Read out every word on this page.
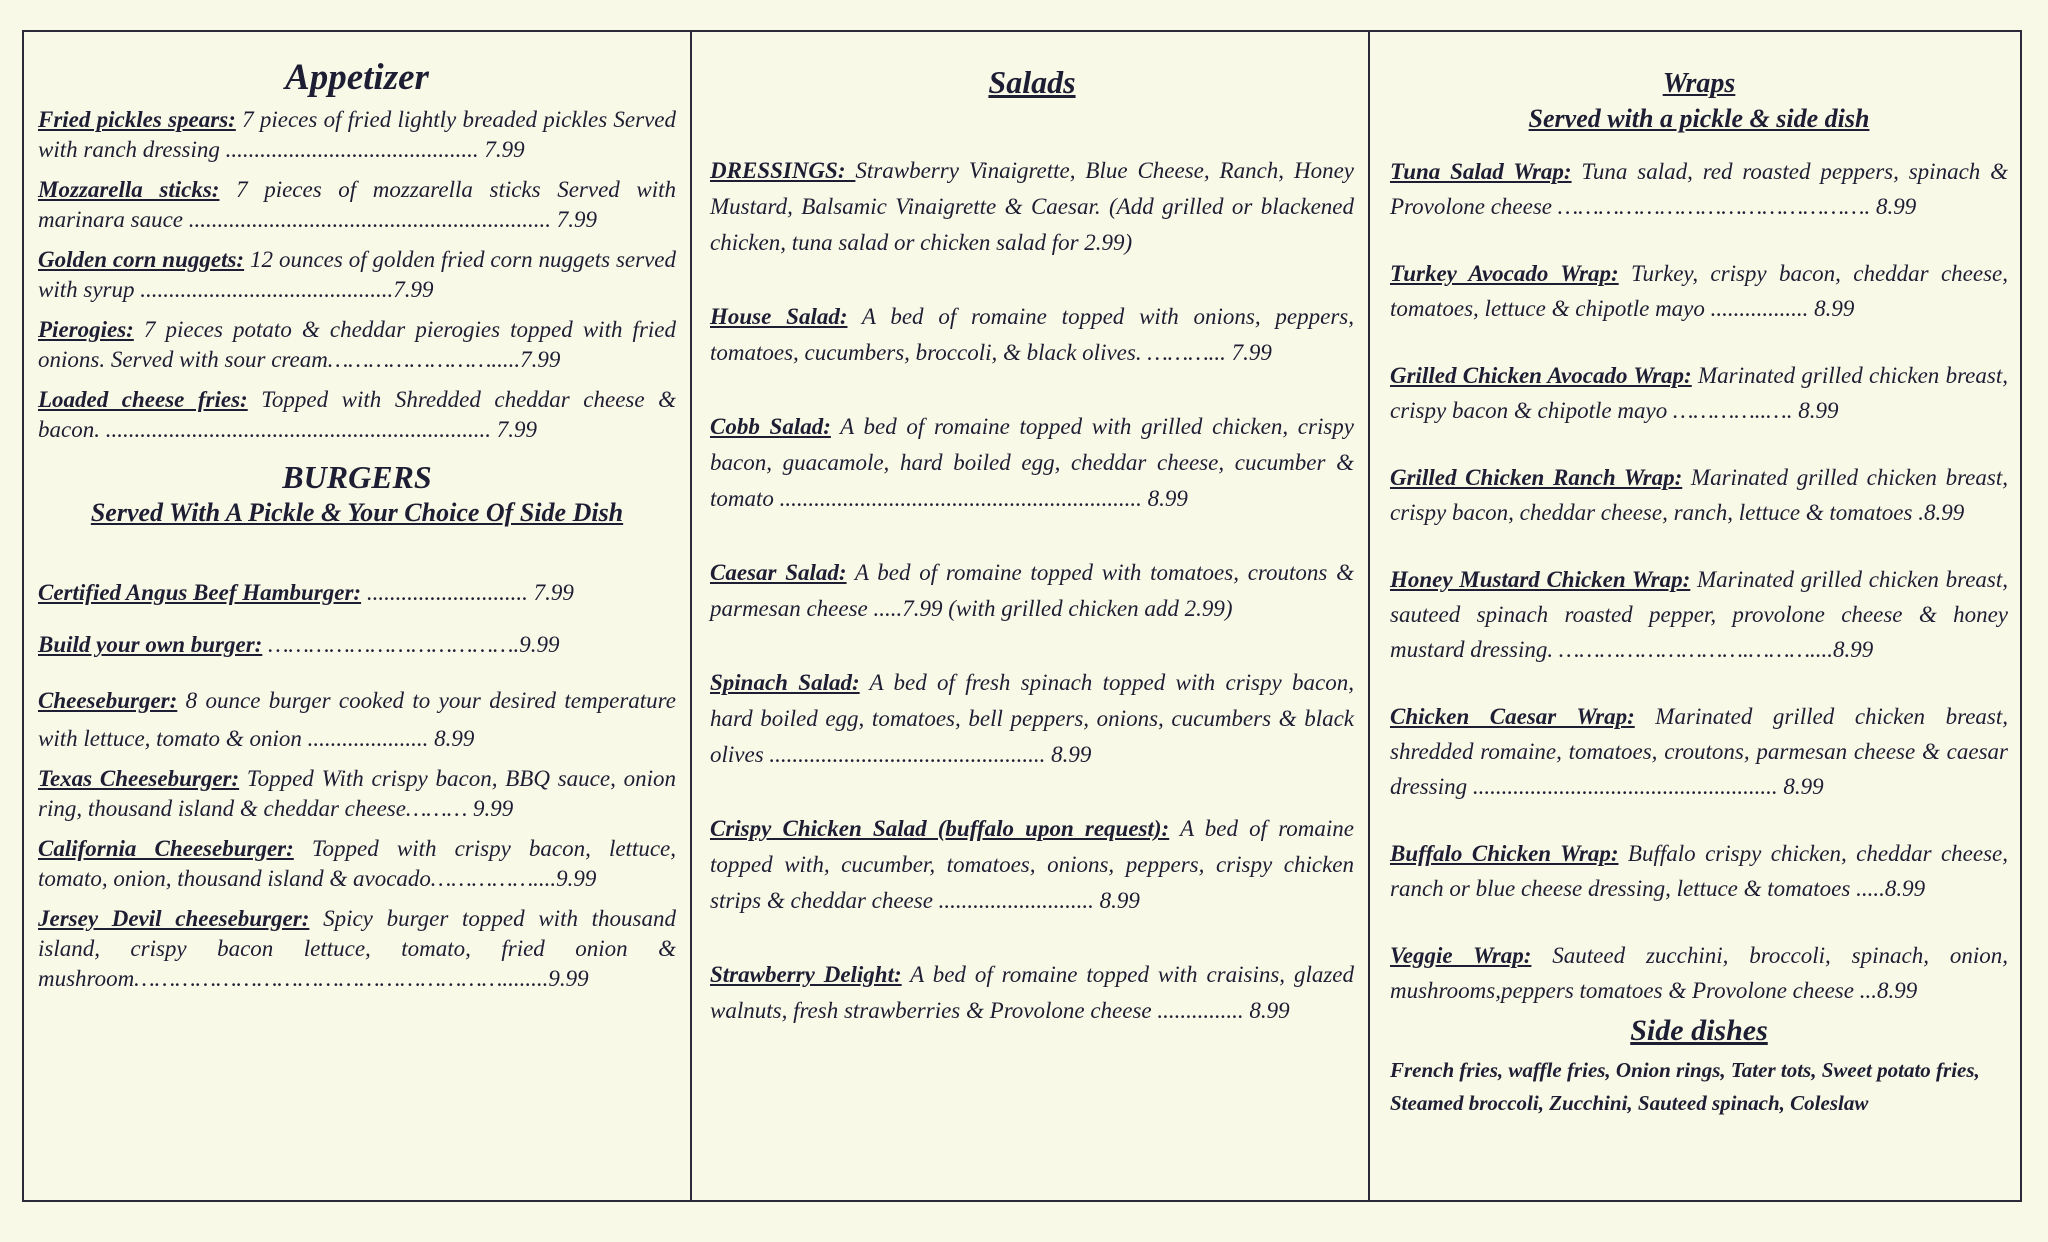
Appetizer
Fried pickles spears: 7 pieces of fried lightly breaded pickles Served with ranch dressing ............................................ 7.99
Mozzarella sticks: 7 pieces of mozzarella sticks Served with marinara sauce ............................................................... 7.99
Golden corn nuggets: 12 ounces of golden fried corn nuggets served with syrup ............................................7.99
Pierogies: 7 pieces potato & cheddar pierogies topped with fried onions. Served with sour cream…………………….....7.99
Loaded cheese fries: Topped with Shredded cheddar cheese & bacon. ................................................................... 7.99
BURGERS
Served With A Pickle & Your Choice Of Side Dish
Certified Angus Beef Hamburger: ............................ 7.99
Build your own burger: ……………………………….9.99
Cheeseburger: 8 ounce burger cooked to your desired temperature with lettuce, tomato & onion ..................... 8.99
Texas Cheeseburger: Topped With crispy bacon, BBQ sauce, onion ring, thousand island & cheddar cheese……… 9.99
California Cheeseburger: Topped with crispy bacon, lettuce, tomato, onion, thousand island & avocado……………....9.99
Jersey Devil cheeseburger: Spicy burger topped with thousand island, crispy bacon lettuce, tomato, fried onion & mushroom………………………………………………........9.99
Salads
DRESSINGS: Strawberry Vinaigrette, Blue Cheese, Ranch, Honey Mustard, Balsamic Vinaigrette & Caesar. (Add grilled or blackened chicken, tuna salad or chicken salad for 2.99)
House Salad: A bed of romaine topped with onions, peppers, tomatoes, cucumbers, broccoli, & black olives. ………... 7.99
Cobb Salad: A bed of romaine topped with grilled chicken, crispy bacon, guacamole, hard boiled egg, cheddar cheese, cucumber & tomato ............................................................... 8.99
Caesar Salad: A bed of romaine topped with tomatoes, croutons & parmesan cheese .....7.99 (with grilled chicken add 2.99)
Spinach Salad: A bed of fresh spinach topped with crispy bacon, hard boiled egg, tomatoes, bell peppers, onions, cucumbers & black olives ................................................ 8.99
Crispy Chicken Salad (buffalo upon request): A bed of romaine topped with, cucumber, tomatoes, onions, peppers, crispy chicken strips & cheddar cheese ........................... 8.99
Strawberry Delight: A bed of romaine topped with craisins, glazed walnuts, fresh strawberries & Provolone cheese ............... 8.99
Wraps
Served with a pickle & side dish
Tuna Salad Wrap: Tuna salad, red roasted peppers, spinach & Provolone cheese ………………………………………. 8.99
Turkey Avocado Wrap: Turkey, crispy bacon, cheddar cheese, tomatoes, lettuce & chipotle mayo ................. 8.99
Grilled Chicken Avocado Wrap: Marinated grilled chicken breast, crispy bacon & chipotle mayo …………..…. 8.99
Grilled Chicken Ranch Wrap: Marinated grilled chicken breast, crispy bacon, cheddar cheese, ranch, lettuce & tomatoes .8.99
Honey Mustard Chicken Wrap: Marinated grilled chicken breast, sauteed spinach roasted pepper, provolone cheese & honey mustard dressing. ……………………….………....8.99
Chicken Caesar Wrap: Marinated grilled chicken breast, shredded romaine, tomatoes, croutons, parmesan cheese & caesar dressing ..................................................... 8.99
Buffalo Chicken Wrap: Buffalo crispy chicken, cheddar cheese, ranch or blue cheese dressing, lettuce & tomatoes .....8.99
Veggie Wrap: Sauteed zucchini, broccoli, spinach, onion, mushrooms,peppers tomatoes & Provolone cheese ...8.99
Side dishes
French fries, waffle fries, Onion rings, Tater tots, Sweet potato fries, Steamed broccoli, Zucchini, Sauteed spinach, Coleslaw
